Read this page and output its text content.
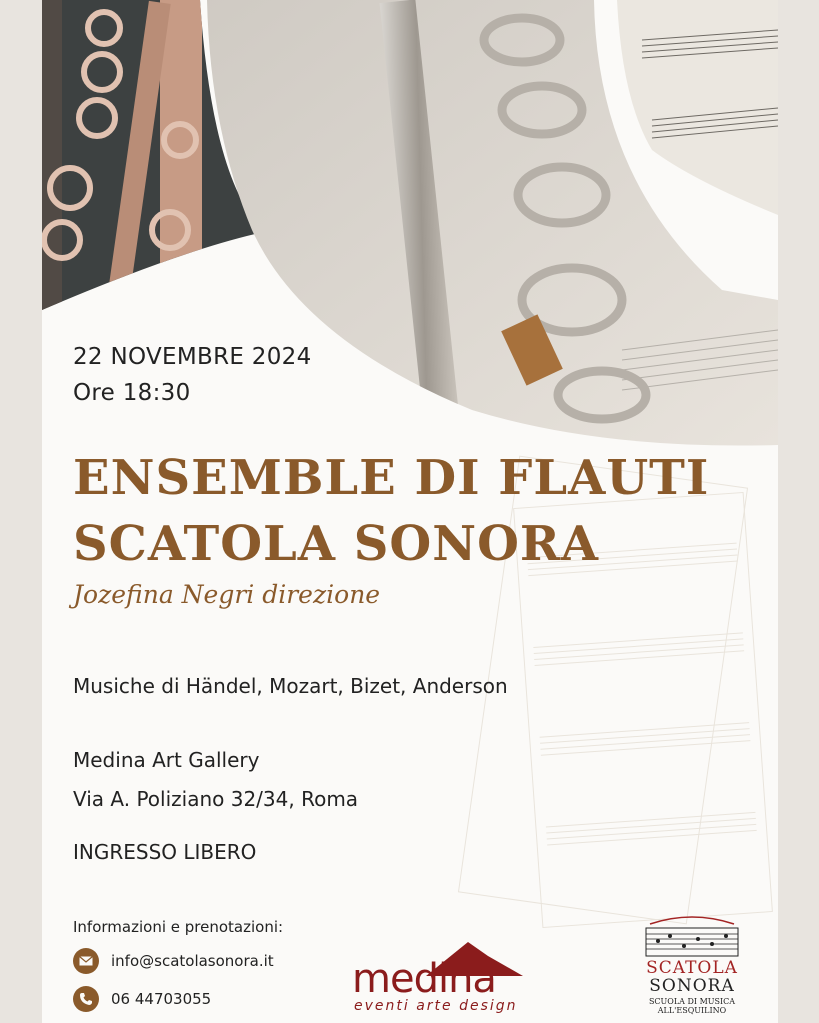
22 NOVEMBRE 2024
Ore 18:30
ENSEMBLE DI FLAUTI
SCATOLA SONORA
Jozefina Negri direzione
Musiche di Händel, Mozart, Bizet, Anderson
Medina Art Gallery
Via A. Poliziano 32/34, Roma
INGRESSO LIBERO
Informazioni e prenotazioni:
info@scatolasonora.it
06 44703055	medina
eventi arte design
SCATOLA
SONORA
SCUOLA DI MUSICA
ALL'ESQUILINO
